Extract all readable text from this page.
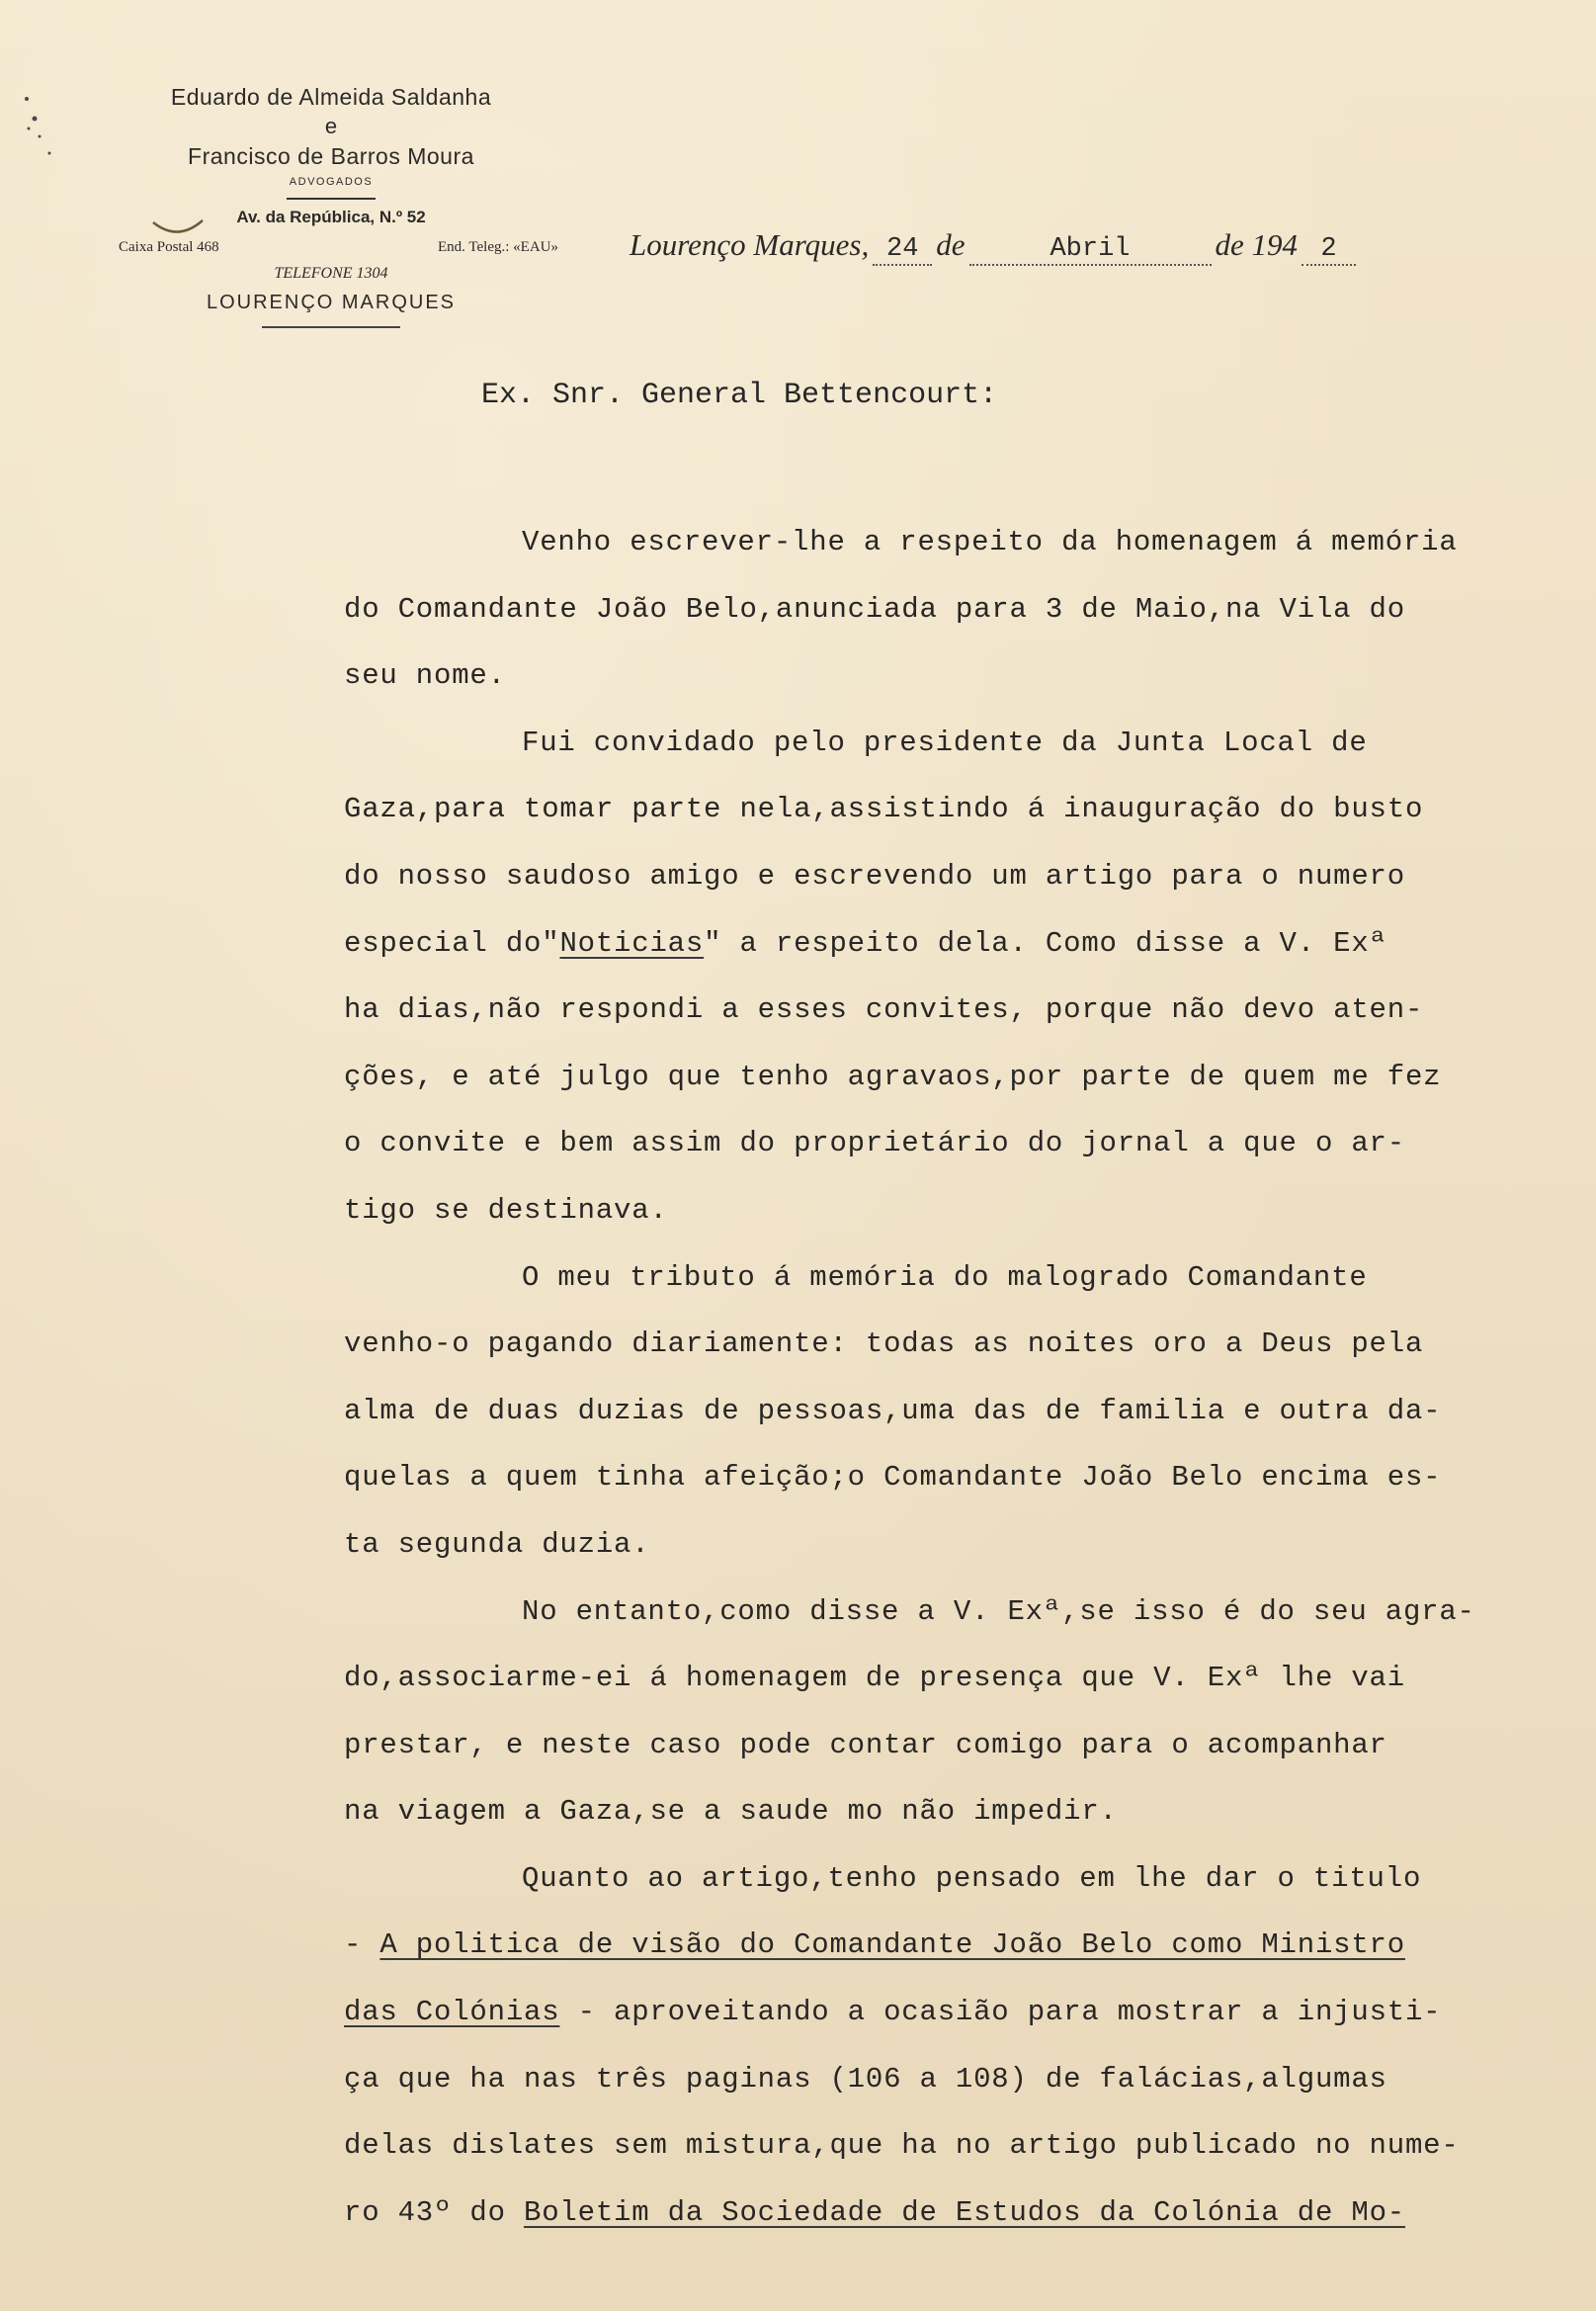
Eduardo de Almeida Saldanha
e
Francisco de Barros Moura
ADVOGADOS
Av. da República, N.º 52
Caixa Postal 468	End. Teleg.: «EAU»
TELEFONE 1304
LOURENÇO MARQUES
Lourenço Marques, 24 de	Abril	de 194 2
Ex. Snr. General Bettencourt:
Venho escrever-lhe a respeito da homenagem á memória
do Comandante João Belo,anunciada para 3 de Maio,na Vila do
seu nome.
Fui convidado pelo presidente da Junta Local de
Gaza,para tomar parte nela,assistindo á inauguração do busto
do nosso saudoso amigo e escrevendo um artigo para o numero
especial do"Noticias" a respeito dela. Como disse a V. Exª
ha dias,não respondi a esses convites, porque não devo aten-
ções, e até julgo que tenho agravaos,por parte de quem me fez
o convite e bem assim do proprietário do jornal a que o ar-
tigo se destinava.
O meu tributo á memória do malogrado Comandante
venho-o pagando diariamente: todas as noites oro a Deus pela
alma de duas duzias de pessoas,uma das de familia e outra da-
quelas a quem tinha afeição;o Comandante João Belo encima es-
ta segunda duzia.
No entanto,como disse a V. Exª,se isso é do seu agra-
do,associarme-ei á homenagem de presença que V. Exª lhe vai
prestar, e neste caso pode contar comigo para o acompanhar
na viagem a Gaza,se a saude mo não impedir.
Quanto ao artigo,tenho pensado em lhe dar o titulo
- A politica de visão do Comandante João Belo como Ministro
das Colónias - aproveitando a ocasião para mostrar a injusti-
ça que ha nas três paginas (106 a 108) de falácias,algumas
delas dislates sem mistura,que ha no artigo publicado no nume-
ro 43º do Boletim da Sociedade de Estudos da Colónia de Mo-
